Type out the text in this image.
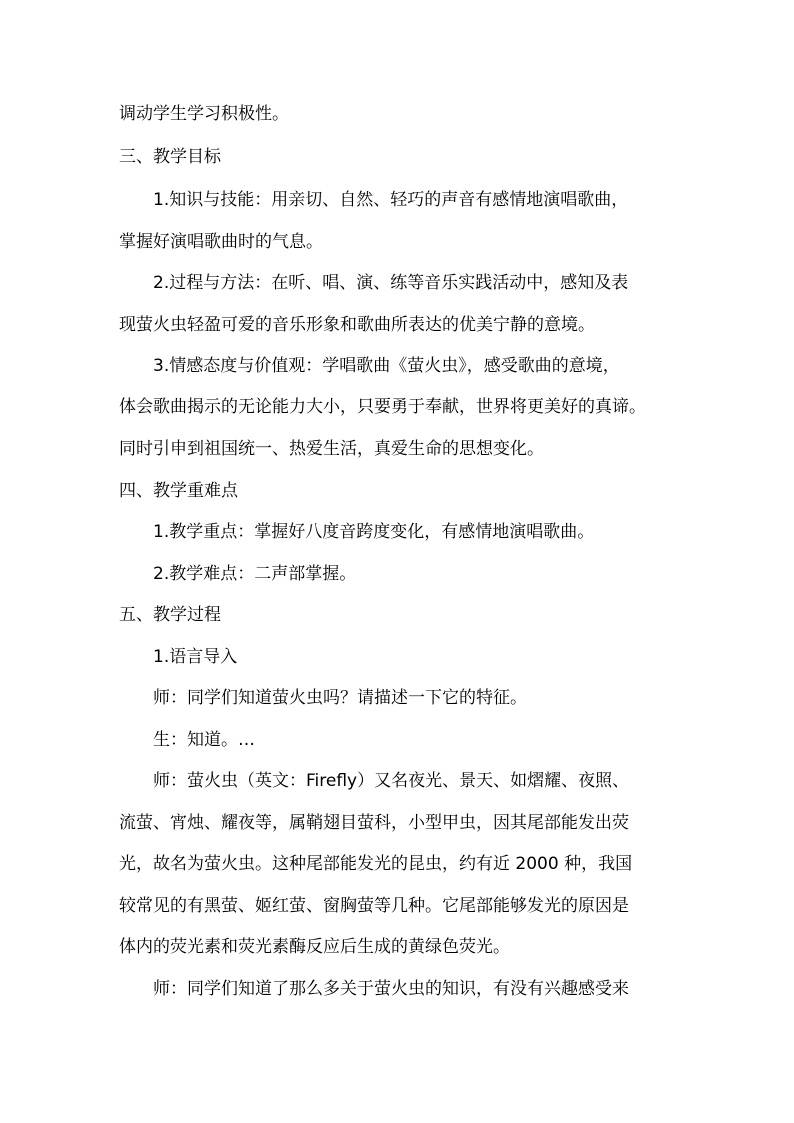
调动学生学习积极性。
三、教学目标
1.知识与技能：用亲切、自然、轻巧的声音有感情地演唱歌曲，
掌握好演唱歌曲时的气息。
2.过程与方法：在听、唱、演、练等音乐实践活动中，感知及表
现萤火虫轻盈可爱的音乐形象和歌曲所表达的优美宁静的意境。
3.情感态度与价值观：学唱歌曲《萤火虫》，感受歌曲的意境，
体会歌曲揭示的无论能力大小，只要勇于奉献，世界将更美好的真谛。
同时引申到祖国统一、热爱生活，真爱生命的思想变化。
四、教学重难点
1.教学重点：掌握好八度音跨度变化，有感情地演唱歌曲。
2.教学难点：二声部掌握。
五、教学过程
1.语言导入
师：同学们知道萤火虫吗？请描述一下它的特征。
生：知道。…
师：萤火虫（英文：Firefly）又名夜光、景天、如熠耀、夜照、
流萤、宵烛、耀夜等，属鞘翅目萤科，小型甲虫，因其尾部能发出荧
光，故名为萤火虫。这种尾部能发光的昆虫，约有近 2000 种，我国
较常见的有黑萤、姬红萤、窗胸萤等几种。它尾部能够发光的原因是
体内的荧光素和荧光素酶反应后生成的黄绿色荧光。
师：同学们知道了那么多关于萤火虫的知识，有没有兴趣感受来
